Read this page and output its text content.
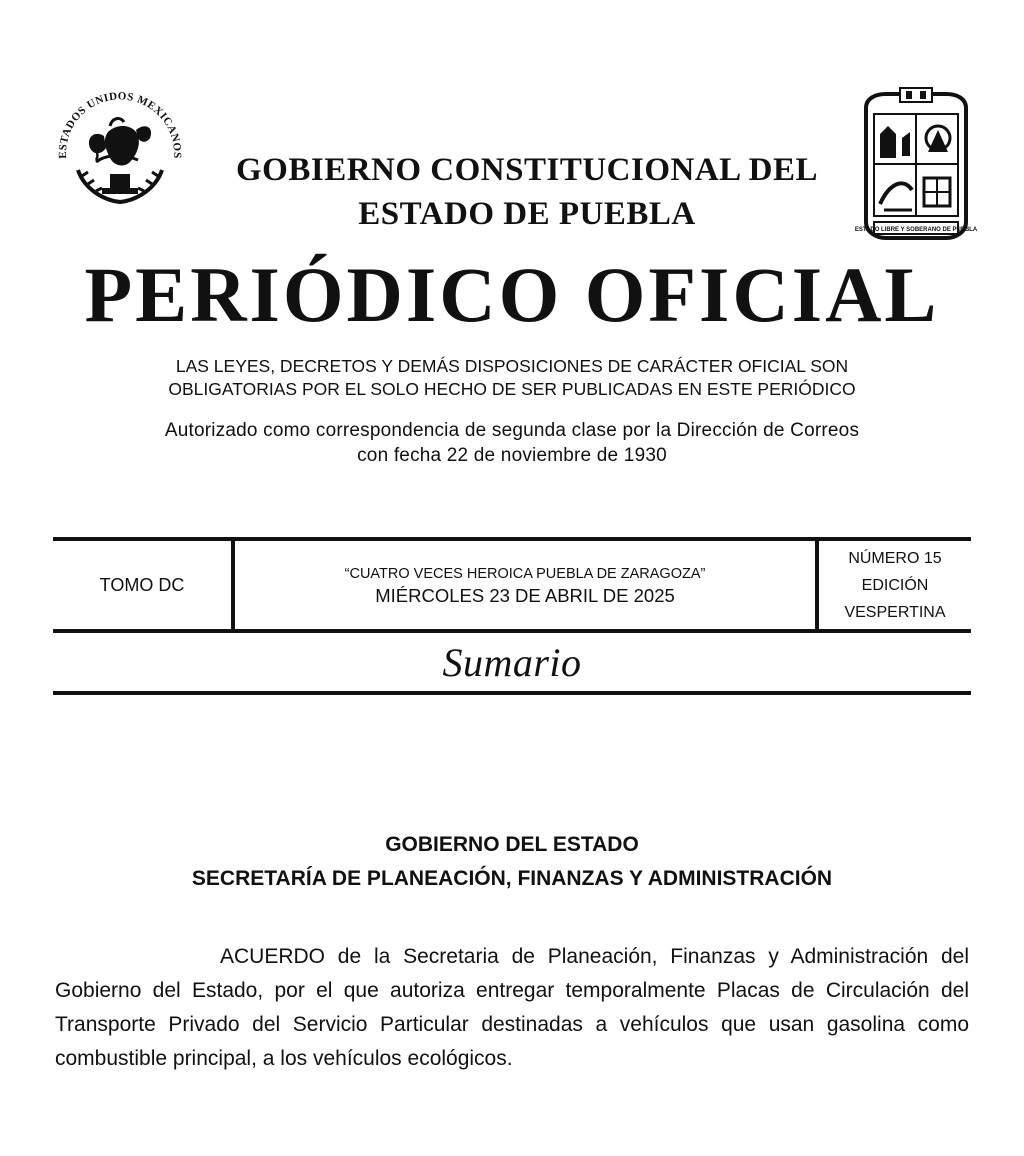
ESTADOS UNIDOS MEXICANOS
ESTADO LIBRE Y SOBERANO DE PUEBLA
GOBIERNO CONSTITUCIONAL DEL
ESTADO DE PUEBLA
PERIÓDICO OFICIAL
LAS LEYES, DECRETOS Y DEMÁS DISPOSICIONES DE CARÁCTER OFICIAL SON
OBLIGATORIAS POR EL SOLO HECHO DE SER PUBLICADAS EN ESTE PERIÓDICO
Autorizado como correspondencia de segunda clase por la Dirección de Correos
con fecha 22 de noviembre de 1930
TOMO DC
“CUATRO VECES HEROICA PUEBLA DE ZARAGOZA”
MIÉRCOLES 23 DE ABRIL DE 2025
NÚMERO 15
EDICIÓN
VESPERTINA
Sumario
GOBIERNO DEL ESTADO
SECRETARÍA DE PLANEACIÓN, FINANZAS Y ADMINISTRACIÓN
ACUERDO de la Secretaria de Planeación, Finanzas y Administración del Gobierno del Estado, por el que autoriza entregar temporalmente Placas de Circulación del Transporte Privado del Servicio Particular destinadas a vehículos que usan gasolina como combustible principal, a los vehículos ecológicos.
